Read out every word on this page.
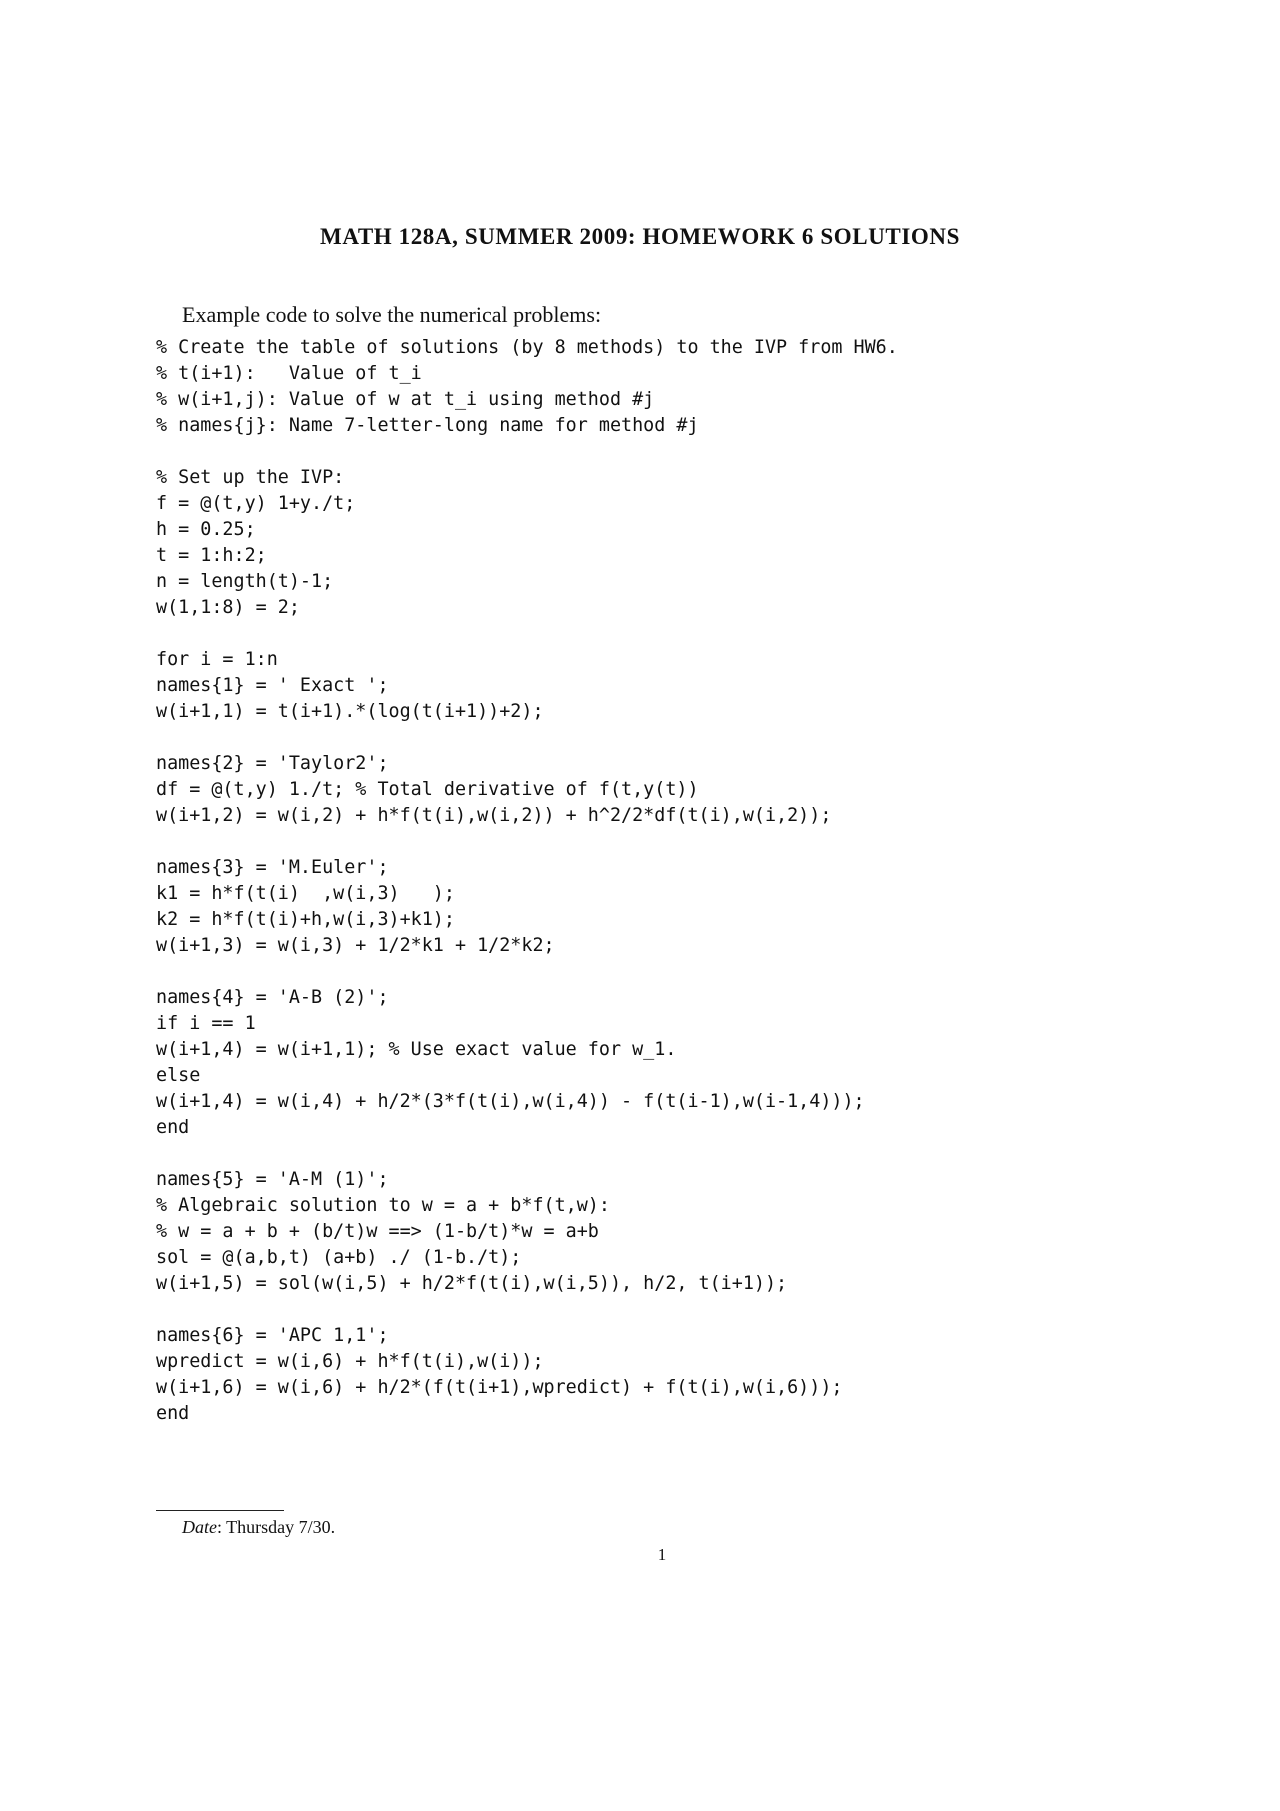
MATH 128A, SUMMER 2009: HOMEWORK 6 SOLUTIONS
Example code to solve the numerical problems:
% Create the table of solutions (by 8 methods) to the IVP from HW6.
% t(i+1):   Value of t_i
% w(i+1,j): Value of w at t_i using method #j
% names{j}: Name 7-letter-long name for method #j
% Set up the IVP:
f = @(t,y) 1+y./t;
h = 0.25;
t = 1:h:2;
n = length(t)-1;
w(1,1:8) = 2;
for i = 1:n
names{1} = ' Exact ';
w(i+1,1) = t(i+1).*(log(t(i+1))+2);
names{2} = 'Taylor2';
df = @(t,y) 1./t; % Total derivative of f(t,y(t))
w(i+1,2) = w(i,2) + h*f(t(i),w(i,2)) + h^2/2*df(t(i),w(i,2));
names{3} = 'M.Euler';
k1 = h*f(t(i)  ,w(i,3)   );
k2 = h*f(t(i)+h,w(i,3)+k1);
w(i+1,3) = w(i,3) + 1/2*k1 + 1/2*k2;
names{4} = 'A-B (2)';
if i == 1
w(i+1,4) = w(i+1,1); % Use exact value for w_1.
else
w(i+1,4) = w(i,4) + h/2*(3*f(t(i),w(i,4)) - f(t(i-1),w(i-1,4)));
end
names{5} = 'A-M (1)';
% Algebraic solution to w = a + b*f(t,w):
% w = a + b + (b/t)w ==> (1-b/t)*w = a+b
sol = @(a,b,t) (a+b) ./ (1-b./t);
w(i+1,5) = sol(w(i,5) + h/2*f(t(i),w(i,5)), h/2, t(i+1));
names{6} = 'APC 1,1';
wpredict = w(i,6) + h*f(t(i),w(i));
w(i+1,6) = w(i,6) + h/2*(f(t(i+1),wpredict) + f(t(i),w(i,6)));
end
Date: Thursday 7/30.
1
